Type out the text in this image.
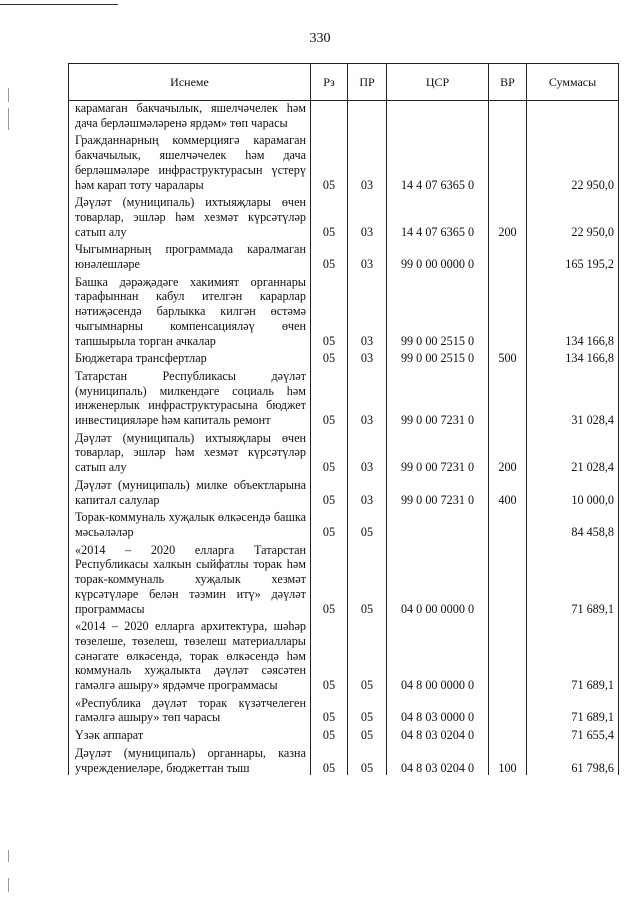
330
Иснеме	Рз	ПР	ЦСР	ВР	Суммасы
карамаган бакчачылык, яшелчәчелек һәм дача берләшмәләренә ярдәм» төп чарасы					
Гражданнарның коммерциягә карамаган бакчачылык, яшелчәчелек һәм дача берләшмәләре инфраструктурасын үстерү һәм карап тоту чаралары	05	03	14 4 07 6365 0		22 950,0
Дәүләт (муниципаль) ихтыяҗлары өчен товарлар, эшләр һәм хезмәт күрсәтүләр сатып алу	05	03	14 4 07 6365 0	200	22 950,0
Чыгымнарның программада каралмаган юнәлешләре	05	03	99 0 00 0000 0		165 195,2
Башка дәрәҗәдәге хакимият органнары тарафыннан кабул ителгән карарлар нәтиҗәсендә барлыкка килгән өстәмә чыгымнарны компенсацияләү өчен тапшырыла торган ачкалар	05	03	99 0 00 2515 0		134 166,8
Бюджетара трансфертлар	05	03	99 0 00 2515 0	500	134 166,8
Татарстан Республикасы дәүләт (муниципаль) милкендәге социаль һәм инженерлык инфраструктурасына бюджет инвестицияләре һәм капиталь ремонт	05	03	99 0 00 7231 0		31 028,4
Дәүләт (муниципаль) ихтыяҗлары өчен товарлар, эшләр һәм хезмәт күрсәтүләр сатып алу	05	03	99 0 00 7231 0	200	21 028,4
Дәүләт (муниципаль) милке объектларына капитал салулар	05	03	99 0 00 7231 0	400	10 000,0
Торак-коммуналь хуҗалык өлкәсендә башка мәсьәләләр	05	05			84 458,8
«2014 – 2020 елларга Татарстан Республикасы халкын сыйфатлы торак һәм торак-коммуналь хуҗалык хезмәт күрсәтүләре белән тәэмин итү» дәүләт программасы	05	05	04 0 00 0000 0		71 689,1
«2014 – 2020 елларга архитектура, шәһәр төзелеше, төзелеш, төзелеш материаллары сәнәгате өлкәсендә, торак өлкәсендә һәм коммуналь хуҗалыкта дәүләт сәясәтен гамәлгә ашыру» ярдәмче программасы	05	05	04 8 00 0000 0		71 689,1
«Республика дәүләт торак күзәтчелеген гамәлгә ашыру» төп чарасы	05	05	04 8 03 0000 0		71 689,1
Үзәк аппарат	05	05	04 8 03 0204 0		71 655,4
Дәүләт (муниципаль) органнары, казна учреждениеләре, бюджеттан тыш	05	05	04 8 03 0204 0	100	61 798,6
